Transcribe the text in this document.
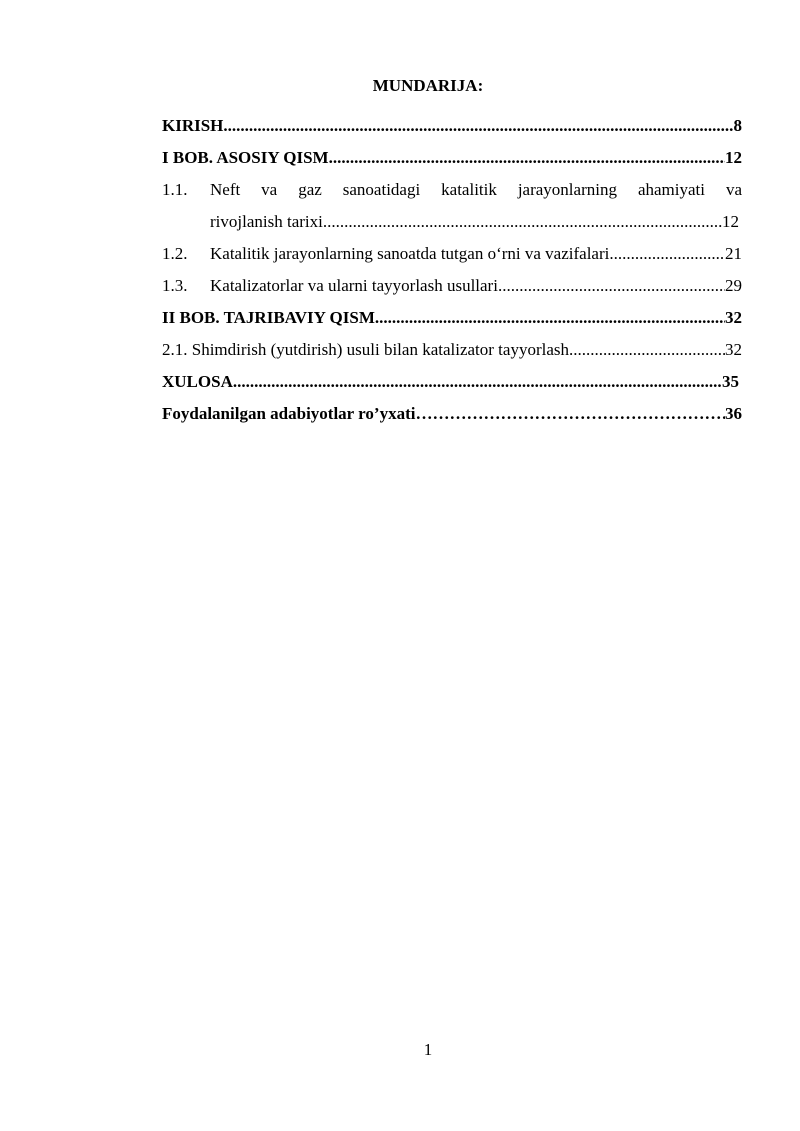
MUNDARIJA:
KIRISH .....	8
I BOB. ASOSIY QISM .....	12
1.1.	Neft va gaz sanoatidagi katalitik jarayonlarning ahamiyati va
rivojlanish tarixi .....	12
1.2.	Katalitik jarayonlarning sanoatda tutgan o‘rni va vazifalari .....	21
1.3.	Katalizatorlar va ularni tayyorlash usullari .....	29
II BOB. TAJRIBAVIY QISM .....	32
2.1. Shimdirish (yutdirish) usuli bilan katalizator tayyorlash .....	32
XULOSA .....	35
Foydalanilgan adabiyotlar ro’yxati ……………………………………………………………………………………………………………………………………………	36
1
